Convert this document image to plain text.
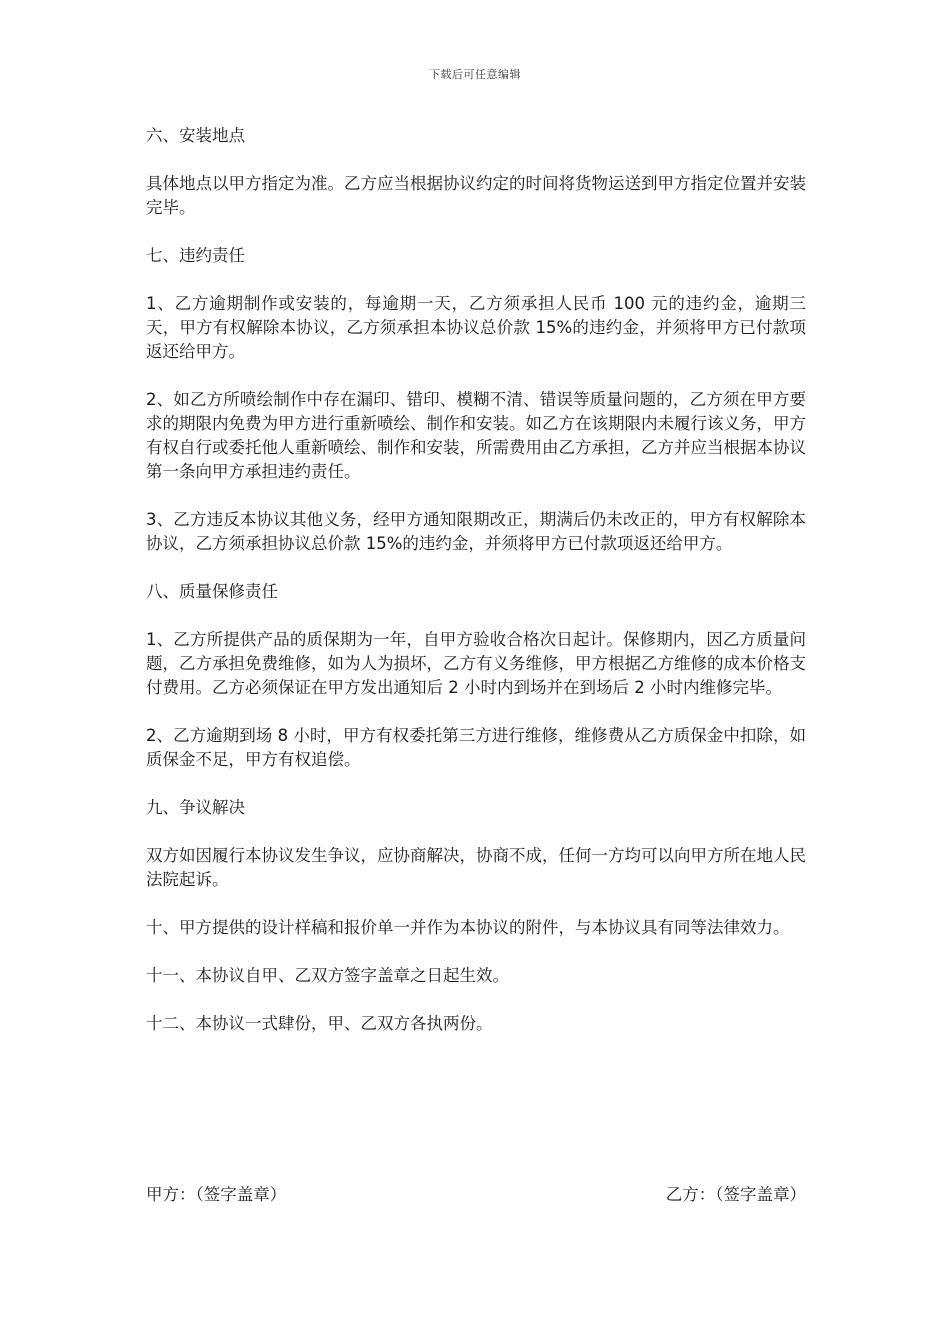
下载后可任意编辑

六、安装地点

具体地点以甲方指定为准。乙方应当根据协议约定的时间将货物运送到甲方指定位置并安装完毕。

七、违约责任

1、乙方逾期制作或安装的，每逾期一天，乙方须承担人民币 100 元的违约金，逾期三天，甲方有权解除本协议，乙方须承担本协议总价款 15%的违约金，并须将甲方已付款项返还给甲方。

2、如乙方所喷绘制作中存在漏印、错印、模糊不清、错误等质量问题的，乙方须在甲方要求的期限内免费为甲方进行重新喷绘、制作和安装。如乙方在该期限内未履行该义务，甲方有权自行或委托他人重新喷绘、制作和安装，所需费用由乙方承担，乙方并应当根据本协议第一条向甲方承担违约责任。

3、乙方违反本协议其他义务，经甲方通知限期改正，期满后仍未改正的，甲方有权解除本协议，乙方须承担协议总价款 15%的违约金，并须将甲方已付款项返还给甲方。

八、质量保修责任

1、乙方所提供产品的质保期为一年，自甲方验收合格次日起计。保修期内，因乙方质量问题，乙方承担免费维修，如为人为损坏，乙方有义务维修，甲方根据乙方维修的成本价格支付费用。乙方必须保证在甲方发出通知后 2 小时内到场并在到场后 2 小时内维修完毕。

2、乙方逾期到场 8 小时，甲方有权委托第三方进行维修，维修费从乙方质保金中扣除，如质保金不足，甲方有权追偿。

九、争议解决

双方如因履行本协议发生争议，应协商解决，协商不成，任何一方均可以向甲方所在地人民法院起诉。

十、甲方提供的设计样稿和报价单一并作为本协议的附件，与本协议具有同等法律效力。

十一、本协议自甲、乙双方签字盖章之日起生效。

十二、本协议一式肆份，甲、乙双方各执两份。

甲方：（签字盖章）	乙方：（签字盖章）
